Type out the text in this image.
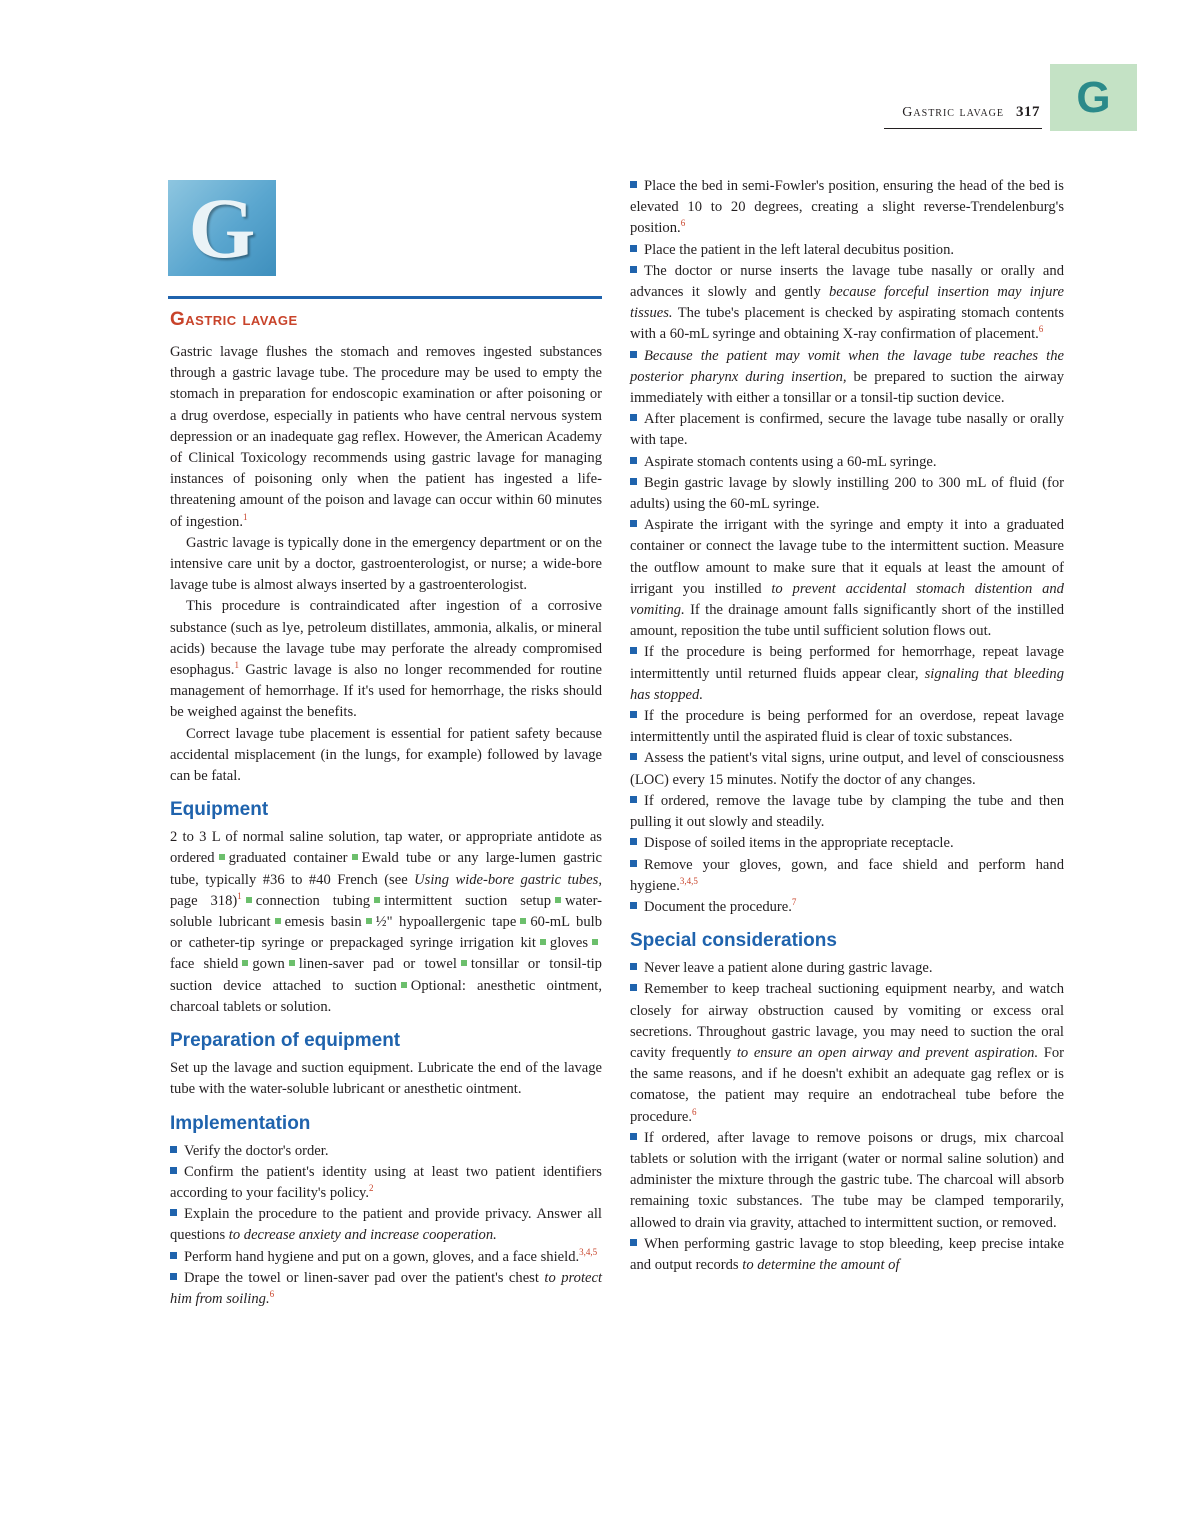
Gastric lavage 317 G
G
Gastric lavage

Gastric lavage flushes the stomach and removes ingested substances through a gastric lavage tube. The procedure may be used to empty the stomach in preparation for endoscopic examination or after poisoning or a drug overdose, especially in patients who have central nervous system depression or an inadequate gag reflex. However, the American Academy of Clinical Toxicology recommends using gastric lavage for managing instances of poisoning only when the patient has ingested a life-threatening amount of the poison and lavage can occur within 60 minutes of ingestion.$^1$

Gastric lavage is typically done in the emergency department or on the intensive care unit by a doctor, gastroenterologist, or nurse; a wide-bore lavage tube is almost always inserted by a gastroenterologist.

This procedure is contraindicated after ingestion of a corrosive substance (such as lye, petroleum distillates, ammonia, alkalis, or mineral acids) because the lavage tube may perforate the already compromised esophagus.$^1$ Gastric lavage is also no longer recommended for routine management of hemorrhage. If it's used for hemorrhage, the risks should be weighed against the benefits.

Correct lavage tube placement is essential for patient safety because accidental misplacement (in the lungs, for example) followed by lavage can be fatal.

Equipment

2 to 3 L of normal saline solution, tap water, or appropriate antidote as ordered graduated container Ewald tube or any large-lumen gastric tube, typically #36 to #40 French (see Using wide-bore gastric tubes, page 318)$^1$ connection tubing intermittent suction setup water-soluble lubricant emesis basin ½" hypoallergenic tape 60-mL bulb or catheter-tip syringe or prepackaged syringe irrigation kit glovesface shield gown linen-saver pad or towel tonsillar or tonsil-tip suction device attached to suction Optional: anesthetic ointment, charcoal tablets or solution.

Preparation of equipment

Set up the lavage and suction equipment. Lubricate the end of the lavage tube with the water-soluble lubricant or anesthetic ointment.

Implementation
Verify the doctor's order.
Confirm the patient's identity using at least two patient identifiers according to your facility's policy.$^2$
Explain the procedure to the patient and provide privacy. Answer all questions to decrease anxiety and increase cooperation.
Perform hand hygiene and put on a gown, gloves, and a face shield.$^{3,4,5}$
Drape the towel or linen-saver pad over the patient's chest to protect him from soiling.$^6$
Place the bed in semi-Fowler's position, ensuring the head of the bed is elevated 10 to 20 degrees, creating a slight reverse-Trendelenburg's position.$^6$
Place the patient in the left lateral decubitus position.
The doctor or nurse inserts the lavage tube nasally or orally and advances it slowly and gently because forceful insertion may injure tissues. The tube's placement is checked by aspirating stomach contents with a 60-mL syringe and obtaining X-ray confirmation of placement.$^6$
Because the patient may vomit when the lavage tube reaches the posterior pharynx during insertion, be prepared to suction the airway immediately with either a tonsillar or a tonsil-tip suction device.
After placement is confirmed, secure the lavage tube nasally or orally with tape.
Aspirate stomach contents using a 60-mL syringe.
Begin gastric lavage by slowly instilling 200 to 300 mL of fluid (for adults) using the 60-mL syringe.
Aspirate the irrigant with the syringe and empty it into a graduated container or connect the lavage tube to the intermittent suction. Measure the outflow amount to make sure that it equals at least the amount of irrigant you instilled to prevent accidental stomach distention and vomiting. If the drainage amount falls significantly short of the instilled amount, reposition the tube until sufficient solution flows out.
If the procedure is being performed for hemorrhage, repeat lavage intermittently until returned fluids appear clear, signaling that bleeding has stopped.
If the procedure is being performed for an overdose, repeat lavage intermittently until the aspirated fluid is clear of toxic substances.
Assess the patient's vital signs, urine output, and level of consciousness (LOC) every 15 minutes. Notify the doctor of any changes.
If ordered, remove the lavage tube by clamping the tube and then pulling it out slowly and steadily.
Dispose of soiled items in the appropriate receptacle.
Remove your gloves, gown, and face shield and perform hand hygiene.$^{3,4,5}$
Document the procedure.$^7$
Special considerations
Never leave a patient alone during gastric lavage.
Remember to keep tracheal suctioning equipment nearby, and watch closely for airway obstruction caused by vomiting or excess oral secretions. Throughout gastric lavage, you may need to suction the oral cavity frequently to ensure an open airway and prevent aspiration. For the same reasons, and if he doesn't exhibit an adequate gag reflex or is comatose, the patient may require an endotracheal tube before the procedure.$^6$
If ordered, after lavage to remove poisons or drugs, mix charcoal tablets or solution with the irrigant (water or normal saline solution) and administer the mixture through the gastric tube. The charcoal will absorb remaining toxic substances. The tube may be clamped temporarily, allowed to drain via gravity, attached to intermittent suction, or removed.
When performing gastric lavage to stop bleeding, keep precise intake and output records to determine the amount of
